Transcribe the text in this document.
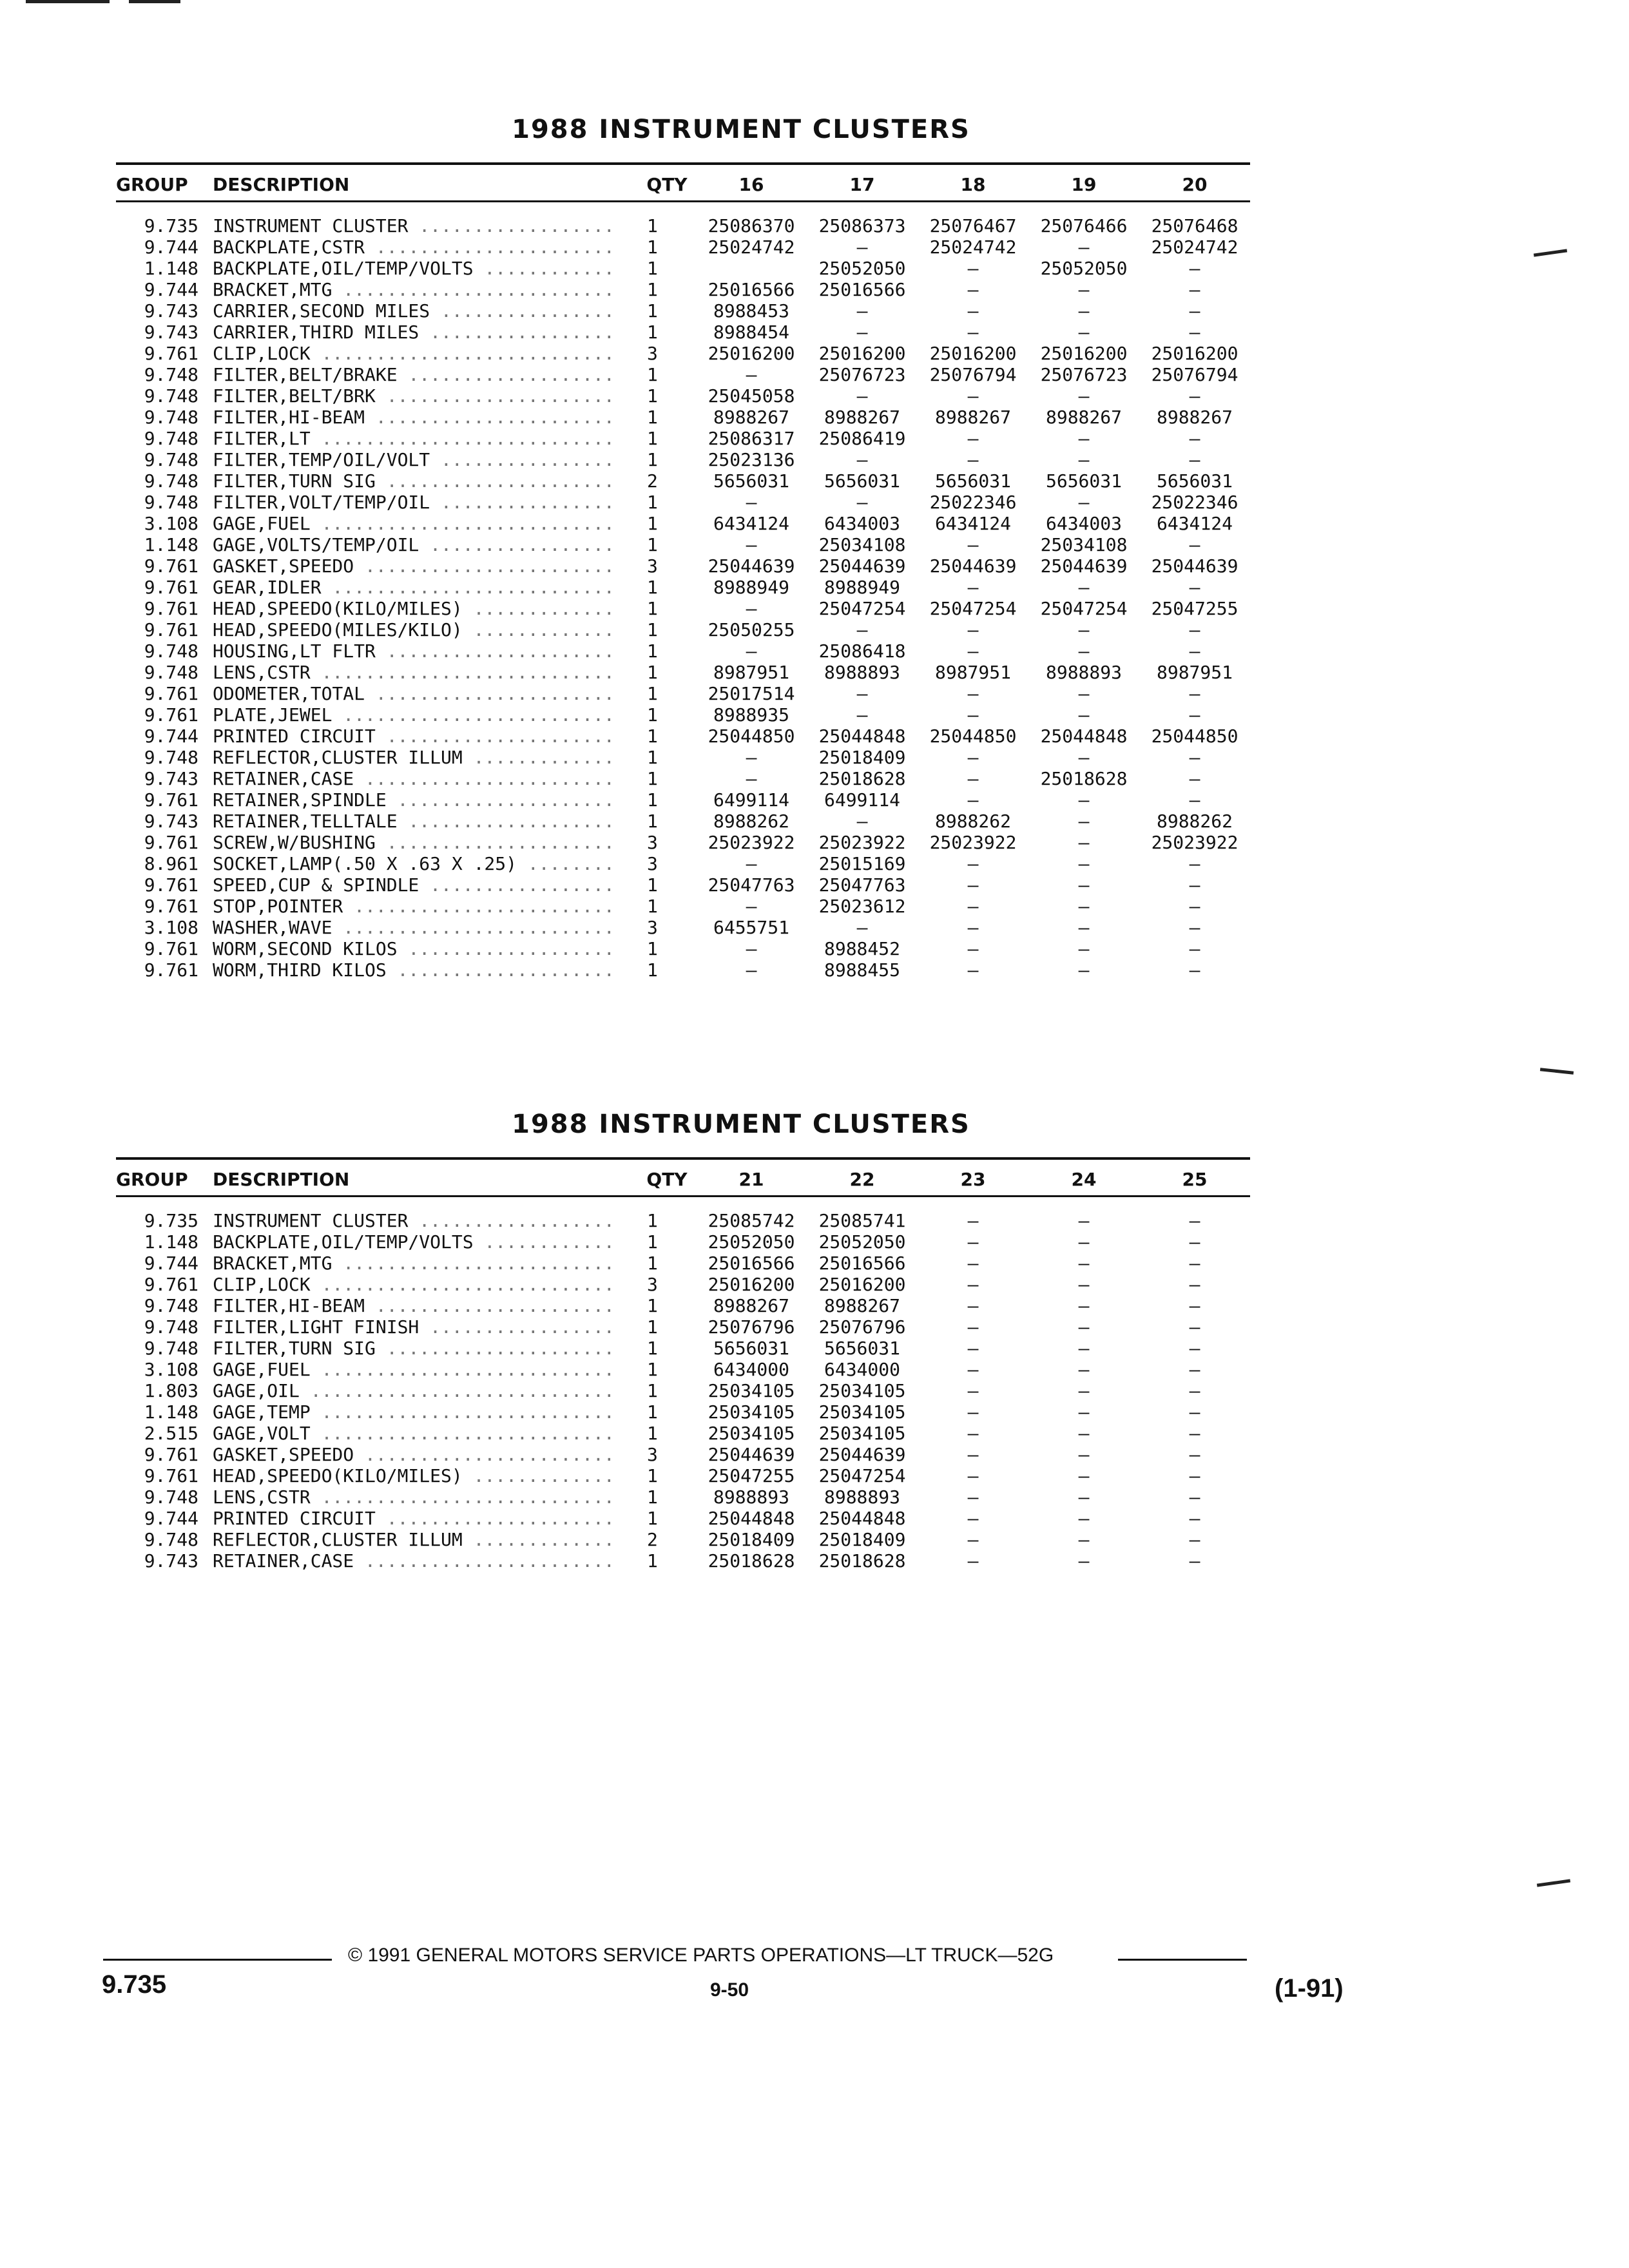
1988 INSTRUMENT CLUSTERS
GROUP	DESCRIPTION	QTY	16	17	18	19	20
9.735	INSTRUMENT CLUSTER ..................	1	25086370	25086373	25076467	25076466	25076468
9.744	BACKPLATE,CSTR ......................	1	25024742	—	25024742	—	25024742
1.148	BACKPLATE,OIL/TEMP/VOLTS ............	1		25052050	—	25052050	—
9.744	BRACKET,MTG .........................	1	25016566	25016566	—	—	—
9.743	CARRIER,SECOND MILES ................	1	8988453	—	—	—	—
9.743	CARRIER,THIRD MILES .................	1	8988454	—	—	—	—
9.761	CLIP,LOCK ...........................	3	25016200	25016200	25016200	25016200	25016200
9.748	FILTER,BELT/BRAKE ...................	1	—	25076723	25076794	25076723	25076794
9.748	FILTER,BELT/BRK .....................	1	25045058	—	—	—	—
9.748	FILTER,HI-BEAM ......................	1	8988267	8988267	8988267	8988267	8988267
9.748	FILTER,LT ...........................	1	25086317	25086419	—	—	—
9.748	FILTER,TEMP/OIL/VOLT ................	1	25023136	—	—	—	—
9.748	FILTER,TURN SIG .....................	2	5656031	5656031	5656031	5656031	5656031
9.748	FILTER,VOLT/TEMP/OIL ................	1	—	—	25022346	—	25022346
3.108	GAGE,FUEL ...........................	1	6434124	6434003	6434124	6434003	6434124
1.148	GAGE,VOLTS/TEMP/OIL .................	1	—	25034108	—	25034108	—
9.761	GASKET,SPEEDO .......................	3	25044639	25044639	25044639	25044639	25044639
9.761	GEAR,IDLER ..........................	1	8988949	8988949	—	—	—
9.761	HEAD,SPEEDO(KILO/MILES) .............	1	—	25047254	25047254	25047254	25047255
9.761	HEAD,SPEEDO(MILES/KILO) .............	1	25050255	—	—	—	—
9.748	HOUSING,LT FLTR .....................	1	—	25086418	—	—	—
9.748	LENS,CSTR ...........................	1	8987951	8988893	8987951	8988893	8987951
9.761	ODOMETER,TOTAL ......................	1	25017514	—	—	—	—
9.761	PLATE,JEWEL .........................	1	8988935	—	—	—	—
9.744	PRINTED CIRCUIT .....................	1	25044850	25044848	25044850	25044848	25044850
9.748	REFLECTOR,CLUSTER ILLUM .............	1	—	25018409	—	—	—
9.743	RETAINER,CASE .......................	1	—	25018628	—	25018628	—
9.761	RETAINER,SPINDLE ....................	1	6499114	6499114	—	—	—
9.743	RETAINER,TELLTALE ...................	1	8988262	—	8988262	—	8988262
9.761	SCREW,W/BUSHING .....................	3	25023922	25023922	25023922	—	25023922
8.961	SOCKET,LAMP(.50 X .63 X .25) ........	3	—	25015169	—	—	—
9.761	SPEED,CUP & SPINDLE .................	1	25047763	25047763	—	—	—
9.761	STOP,POINTER ........................	1	—	25023612	—	—	—
3.108	WASHER,WAVE .........................	3	6455751	—	—	—	—
9.761	WORM,SECOND KILOS ...................	1	—	8988452	—	—	—
9.761	WORM,THIRD KILOS ....................	1	—	8988455	—	—	—
1988 INSTRUMENT CLUSTERS
GROUP	DESCRIPTION	QTY	21	22	23	24	25
9.735	INSTRUMENT CLUSTER ..................	1	25085742	25085741	—	—	—
1.148	BACKPLATE,OIL/TEMP/VOLTS ............	1	25052050	25052050	—	—	—
9.744	BRACKET,MTG .........................	1	25016566	25016566	—	—	—
9.761	CLIP,LOCK ...........................	3	25016200	25016200	—	—	—
9.748	FILTER,HI-BEAM ......................	1	8988267	8988267	—	—	—
9.748	FILTER,LIGHT FINISH .................	1	25076796	25076796	—	—	—
9.748	FILTER,TURN SIG .....................	1	5656031	5656031	—	—	—
3.108	GAGE,FUEL ...........................	1	6434000	6434000	—	—	—
1.803	GAGE,OIL ............................	1	25034105	25034105	—	—	—
1.148	GAGE,TEMP ...........................	1	25034105	25034105	—	—	—
2.515	GAGE,VOLT ...........................	1	25034105	25034105	—	—	—
9.761	GASKET,SPEEDO .......................	3	25044639	25044639	—	—	—
9.761	HEAD,SPEEDO(KILO/MILES) .............	1	25047255	25047254	—	—	—
9.748	LENS,CSTR ...........................	1	8988893	8988893	—	—	—
9.744	PRINTED CIRCUIT .....................	1	25044848	25044848	—	—	—
9.748	REFLECTOR,CLUSTER ILLUM .............	2	25018409	25018409	—	—	—
9.743	RETAINER,CASE .......................	1	25018628	25018628	—	—	—
© 1991 GENERAL MOTORS SERVICE PARTS OPERATIONS—LT TRUCK—52G
9.735	9-50	(1-91)
